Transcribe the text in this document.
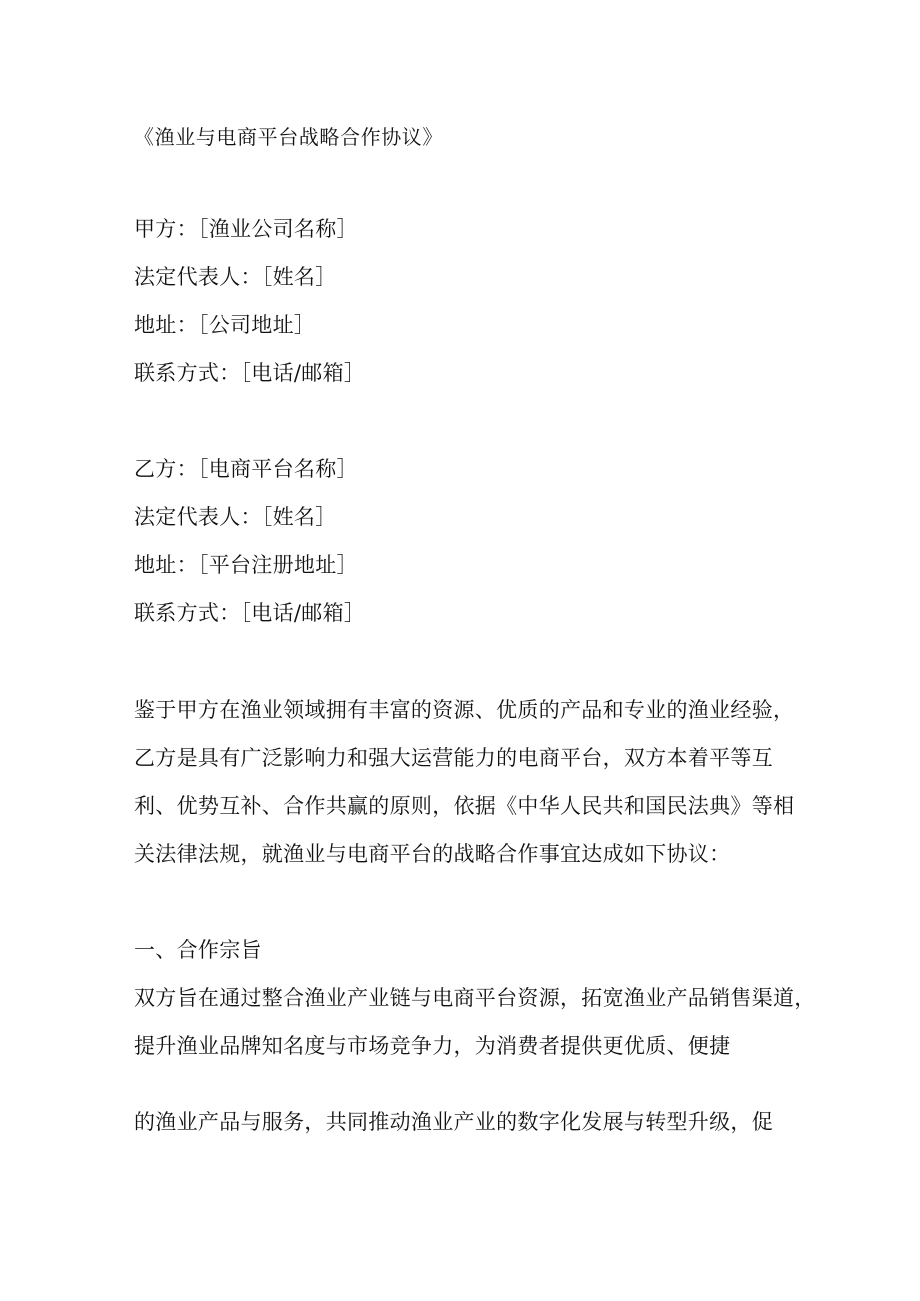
《渔业与电商平台战略合作协议》
甲方：［渔业公司名称］
法定代表人：［姓名］
地址：［公司地址］
联系方式：［电话/邮箱］
乙方：［电商平台名称］
法定代表人：［姓名］
地址：［平台注册地址］
联系方式：［电话/邮箱］
鉴于甲方在渔业领域拥有丰富的资源、优质的产品和专业的渔业经验，
乙方是具有广泛影响力和强大运营能力的电商平台，双方本着平等互
利、优势互补、合作共赢的原则，依据《中华人民共和国民法典》等相
关法律法规，就渔业与电商平台的战略合作事宜达成如下协议：
一、合作宗旨
双方旨在通过整合渔业产业链与电商平台资源，拓宽渔业产品销售渠道，
提升渔业品牌知名度与市场竞争力，为消费者提供更优质、便捷
的渔业产品与服务，共同推动渔业产业的数字化发展与转型升级，促
